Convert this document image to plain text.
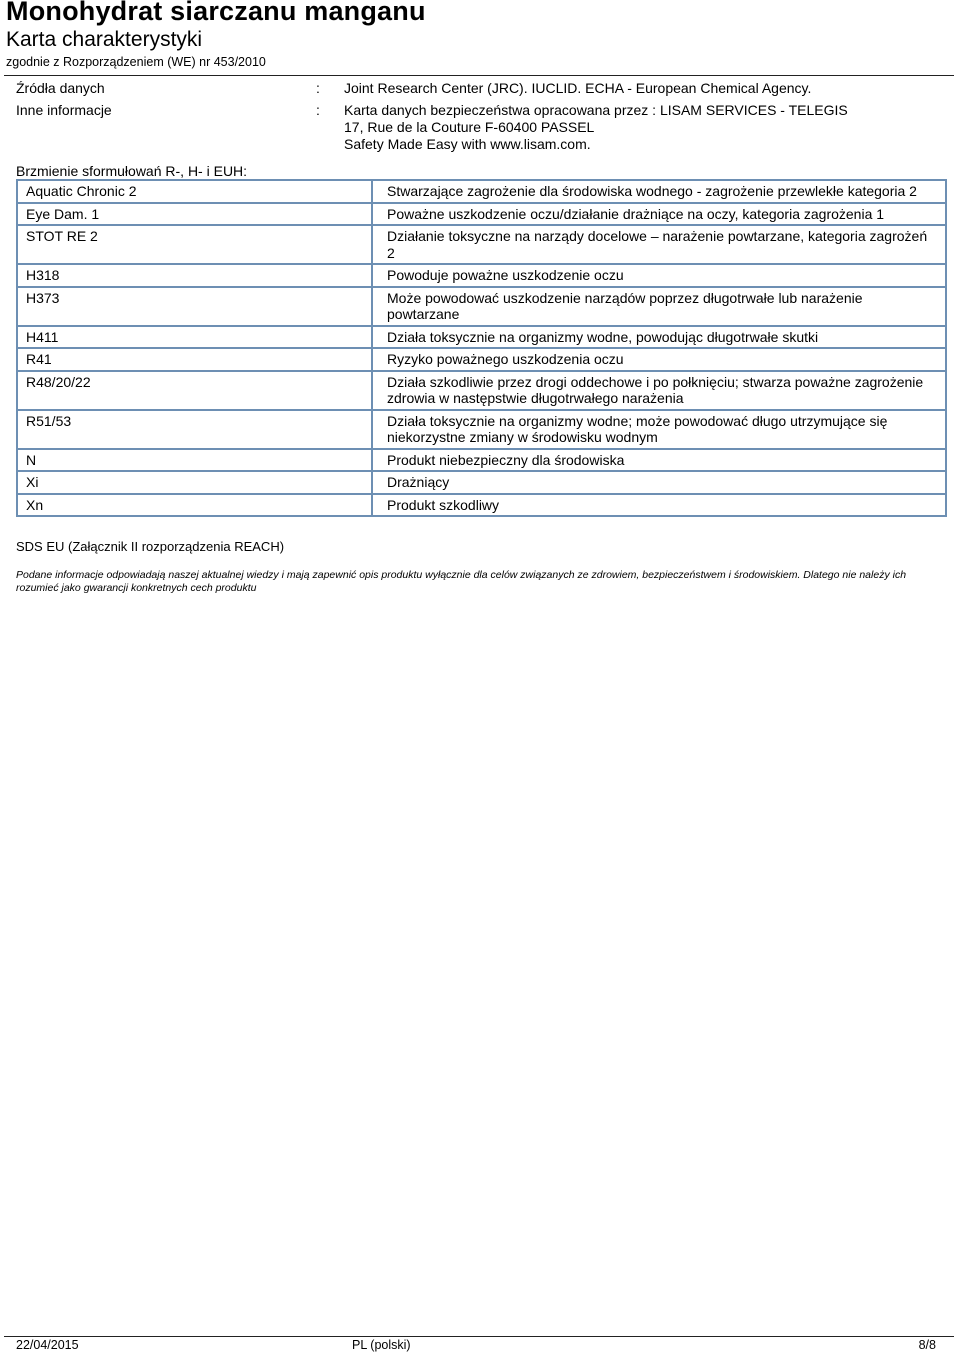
Monohydrat siarczanu manganu
Karta charakterystyki
zgodnie z Rozporządzeniem (WE) nr 453/2010
Źródła danych	: Joint Research Center (JRC). IUCLID. ECHA - European Chemical Agency.
Inne informacje	: Karta danych bezpieczeństwa opracowana przez : LISAM SERVICES - TELEGIS
17, Rue de la Couture F-60400 PASSEL
Safety Made Easy with www.lisam.com.
Brzmienie sformułowań R-, H- i EUH:
Aquatic Chronic 2	Stwarzające zagrożenie dla środowiska wodnego - zagrożenie przewlekłe kategoria 2
Eye Dam. 1	Poważne uszkodzenie oczu/działanie drażniące na oczy, kategoria zagrożenia 1
STOT RE 2	Działanie toksyczne na narządy docelowe – narażenie powtarzane, kategoria zagrożeń 2
H318	Powoduje poważne uszkodzenie oczu
H373	Może powodować uszkodzenie narządów poprzez długotrwałe lub narażenie powtarzane
H411	Działa toksycznie na organizmy wodne, powodując długotrwałe skutki
R41	Ryzyko poważnego uszkodzenia oczu
R48/20/22	Działa szkodliwie przez drogi oddechowe i po połknięciu; stwarza poważne zagrożenie zdrowia w następstwie długotrwałego narażenia
R51/53	Działa toksycznie na organizmy wodne; może powodować długo utrzymujące się niekorzystne zmiany w środowisku wodnym
N	Produkt niebezpieczny dla środowiska
Xi	Drażniący
Xn	Produkt szkodliwy
SDS EU (Załącznik II rozporządzenia REACH)
Podane informacje odpowiadają naszej aktualnej wiedzy i mają zapewnić opis produktu wyłącznie dla celów związanych ze zdrowiem, bezpieczeństwem i środowiskiem. Dlatego nie należy ich rozumieć jako gwarancji konkretnych cech produktu
22/04/2015	PL (polski)	8/8
